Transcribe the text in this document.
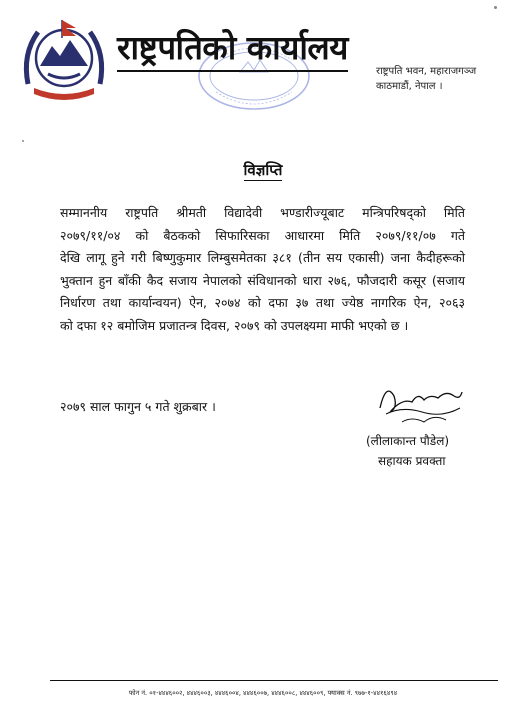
राष्ट्रपतिको कार्यालय
राष्ट्रपति भवन, महाराजगञ्ज
काठमाडौं, नेपाल ।
विज्ञप्ति
सम्माननीय राष्ट्रपति श्रीमती विद्यादेवी भण्डारीज्यूबाट मन्त्रिपरिषद्को मिति
२०७९/११/०४ को बैठकको सिफारिसका आधारमा मिति २०७९/११/०७ गते
देखि लागू हुने गरी बिष्णुकुमार लिम्बुसमेतका ३८१ (तीन सय एकासी) जना कैदीहरूको
भुक्तान हुन बाँकी कैद सजाय नेपालको संविधानको धारा २७६, फौजदारी कसूर (सजाय
निर्धारण तथा कार्यान्वयन) ऐन, २०७४ को दफा ३७ तथा ज्येष्ठ नागरिक ऐन, २०६३
को दफा १२ बमोजिम प्रजातन्त्र दिवस, २०७९ को उपलक्ष्यमा माफी भएको छ ।
२०७९ साल फागुन ५ गते शुक्रबार ।
(लीलाकान्त पौडेल)
सहायक प्रवक्ता
फोन नं. ०१-४४४६००२, ४४४६००३, ४४४६००४, ४४४६००७, ४४४६००८, ४४४६००९, फ्याक्स नं. ९७७-१-४४१६४९४
